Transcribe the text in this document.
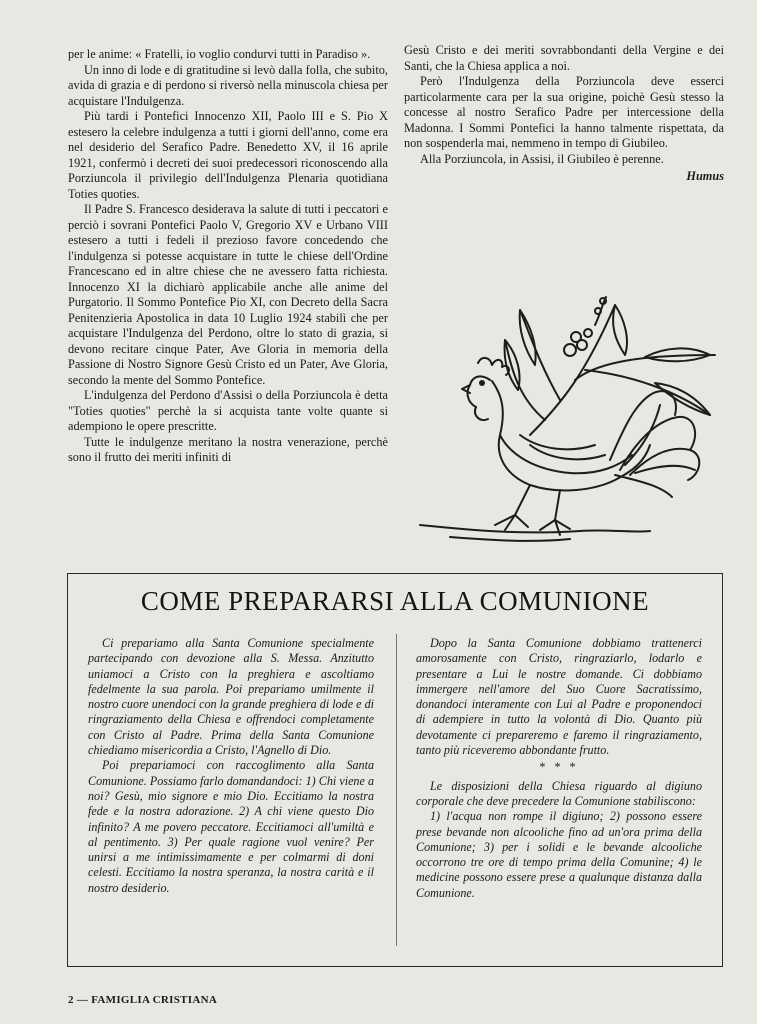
per le anime: « Fratelli, io voglio condurvi tutti in Paradiso ».

Un inno di lode e di gratitudine si levò dalla folla, che subito, avida di grazia e di perdono si riversò nella minuscola chiesa per acquistare l'Indulgenza.

Più tardi i Pontefici Innocenzo XII, Paolo III e S. Pio X estesero la celebre indulgenza a tutti i giorni dell'anno, come era nel desiderio del Serafico Padre. Benedetto XV, il 16 aprile 1921, confermò i decreti dei suoi predecessori riconoscendo alla Porziuncola il privilegio dell'Indulgenza Plenaria quotidiana Toties quoties.

Il Padre S. Francesco desiderava la salute di tutti i peccatori e perciò i sovrani Pontefici Paolo V, Gregorio XV e Urbano VIII estesero a tutti i fedeli il prezioso favore concedendo che l'indulgenza si potesse acquistare in tutte le chiese dell'Ordine Francescano ed in altre chiese che ne avessero fatta richiesta. Innocenzo XI la dichiarò applicabile anche alle anime del Purgatorio. Il Sommo Pontefice Pio XI, con Decreto della Sacra Penitenzieria Apostolica in data 10 Luglio 1924 stabilì che per acquistare l'Indulgenza del Perdono, oltre lo stato di grazia, si devono recitare cinque Pater, Ave Gloria in memoria della Passione di Nostro Signore Gesù Cristo ed un Pater, Ave Gloria, secondo la mente del Sommo Pontefice.

L'indulgenza del Perdono d'Assisi o della Porziuncola è detta "Toties quoties" perchè la si acquista tante volte quante si adempiono le opere prescritte.

Tutte le indulgenze meritano la nostra venerazione, perchè sono il frutto dei meriti infiniti di

Gesù Cristo e dei meriti sovrabbondanti della Vergine e dei Santi, che la Chiesa applica a noi.

Però l'Indulgenza della Porziuncola deve esserci particolarmente cara per la sua origine, poichè Gesù stesso la concesse al nostro Serafico Padre per intercessione della Madonna. I Sommi Pontefici la hanno talmente rispettata, da non sospenderla mai, nemmeno in tempo di Giubileo.

Alla Porziuncola, in Assisi, il Giubileo è perenne.

Humus
COME PREPARARSI ALLA COMUNIONE

Ci prepariamo alla Santa Comunione specialmente partecipando con devozione alla S. Messa. Anzitutto uniamoci a Cristo con la preghiera e ascoltiamo fedelmente la sua parola. Poi prepariamo umilmente il nostro cuore unendoci con la grande preghiera di lode e di ringraziamento della Chiesa e offrendoci completamente con Cristo al Padre. Prima della Santa Comunione chiediamo misericordia a Cristo, l'Agnello di Dio.

Poi prepariamoci con raccoglimento alla Santa Comunione. Possiamo farlo domandandoci: 1) Chi viene a noi? Gesù, mio signore e mio Dio. Eccitiamo la nostra fede e la nostra adorazione. 2) A chi viene questo Dio infinito? A me povero peccatore. Eccitiamoci all'umiltà e al pentimento. 3) Per quale ragione vuol venire? Per unirsi a me intimissimamente e per colmarmi di doni celesti. Eccitiamo la nostra speranza, la nostra carità e il nostro desiderio.

Dopo la Santa Comunione dobbiamo trattenerci amorosamente con Cristo, ringraziarlo, lodarlo e presentare a Lui le nostre domande. Ci dobbiamo immergere nell'amore del Suo Cuore Sacratissimo, donandoci interamente con Lui al Padre e proponendoci di adempiere in tutto la volontà di Dio. Quanto più devotamente ci prepareremo e faremo il ringraziamento, tanto più riceveremo abbondante frutto.

* * *

Le disposizioni della Chiesa riguardo al digiuno corporale che deve precedere la Comunione stabiliscono:

1) l'acqua non rompe il digiuno; 2) possono essere prese bevande non alcooliche fino ad un'ora prima della Comunione; 3) per i solidi e le bevande alcooliche occorrono tre ore di tempo prima della Comunine; 4) le medicine possono essere prese a qualunque distanza dalla Comunione.

2 — FAMIGLIA CRISTIANA
